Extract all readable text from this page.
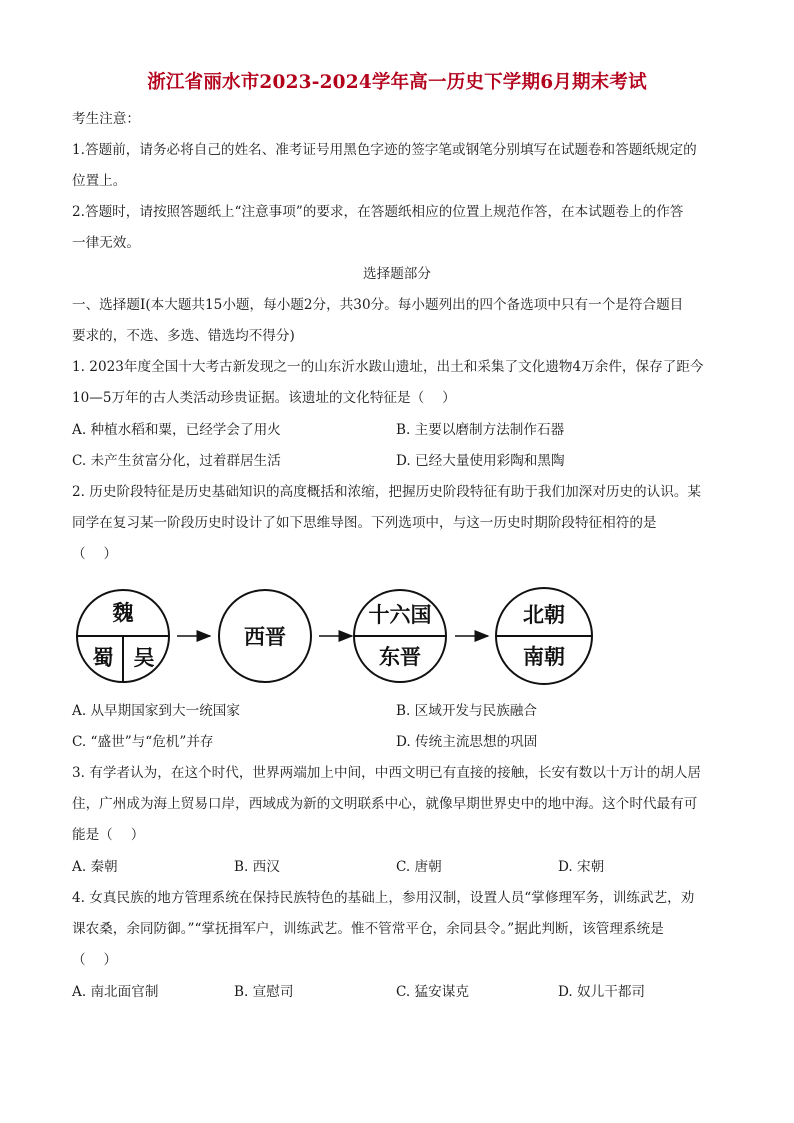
浙江省丽水市2023-2024学年高一历史下学期6月期末考试
考生注意：
1.答题前，请务必将自己的姓名、准考证号用黑色字迹的签字笔或钢笔分别填写在试题卷和答题纸规定的
位置上。
2.答题时，请按照答题纸上“注意事项”的要求，在答题纸相应的位置上规范作答，在本试题卷上的作答
一律无效。
选择题部分
一、选择题Ⅰ(本大题共15小题，每小题2分，共30分。每小题列出的四个备选项中只有一个是符合题目
要求的，不选、多选、错选均不得分)
1. 2023年度全国十大考古新发现之一的山东沂水跋山遗址，出土和采集了文化遗物4万余件，保存了距今
10—5万年的古人类活动珍贵证据。该遗址的文化特征是（　 ）
A. 种植水稻和粟，已经学会了用火	B. 主要以磨制方法制作石器
C. 未产生贫富分化，过着群居生活	D. 已经大量使用彩陶和黑陶
2. 历史阶段特征是历史基础知识的高度概括和浓缩，把握历史阶段特征有助于我们加深对历史的认识。某
同学在复习某一阶段历史时设计了如下思维导图。下列选项中，与这一历史时期阶段特征相符的是
（　 ）
魏
蜀 吴
西晋
十六国
东晋
北朝
南朝
A. 从早期国家到大一统国家	B. 区域开发与民族融合
C. “盛世”与“危机”并存	D. 传统主流思想的巩固
3. 有学者认为，在这个时代，世界两端加上中间，中西文明已有直接的接触，长安有数以十万计的胡人居
住，广州成为海上贸易口岸，西域成为新的文明联系中心，就像早期世界史中的地中海。这个时代最有可
能是（　 ）
A. 秦朝	B. 西汉	C. 唐朝	D. 宋朝
4. 女真民族的地方管理系统在保持民族特色的基础上，参用汉制，设置人员“掌修理军务，训练武艺，劝
课农桑，余同防御。”“掌抚揖军户，训练武艺。惟不管常平仓，余同县令。”据此判断，该管理系统是
（　 ）
A. 南北面官制	B. 宣慰司	C. 猛安谋克	D. 奴儿干都司
